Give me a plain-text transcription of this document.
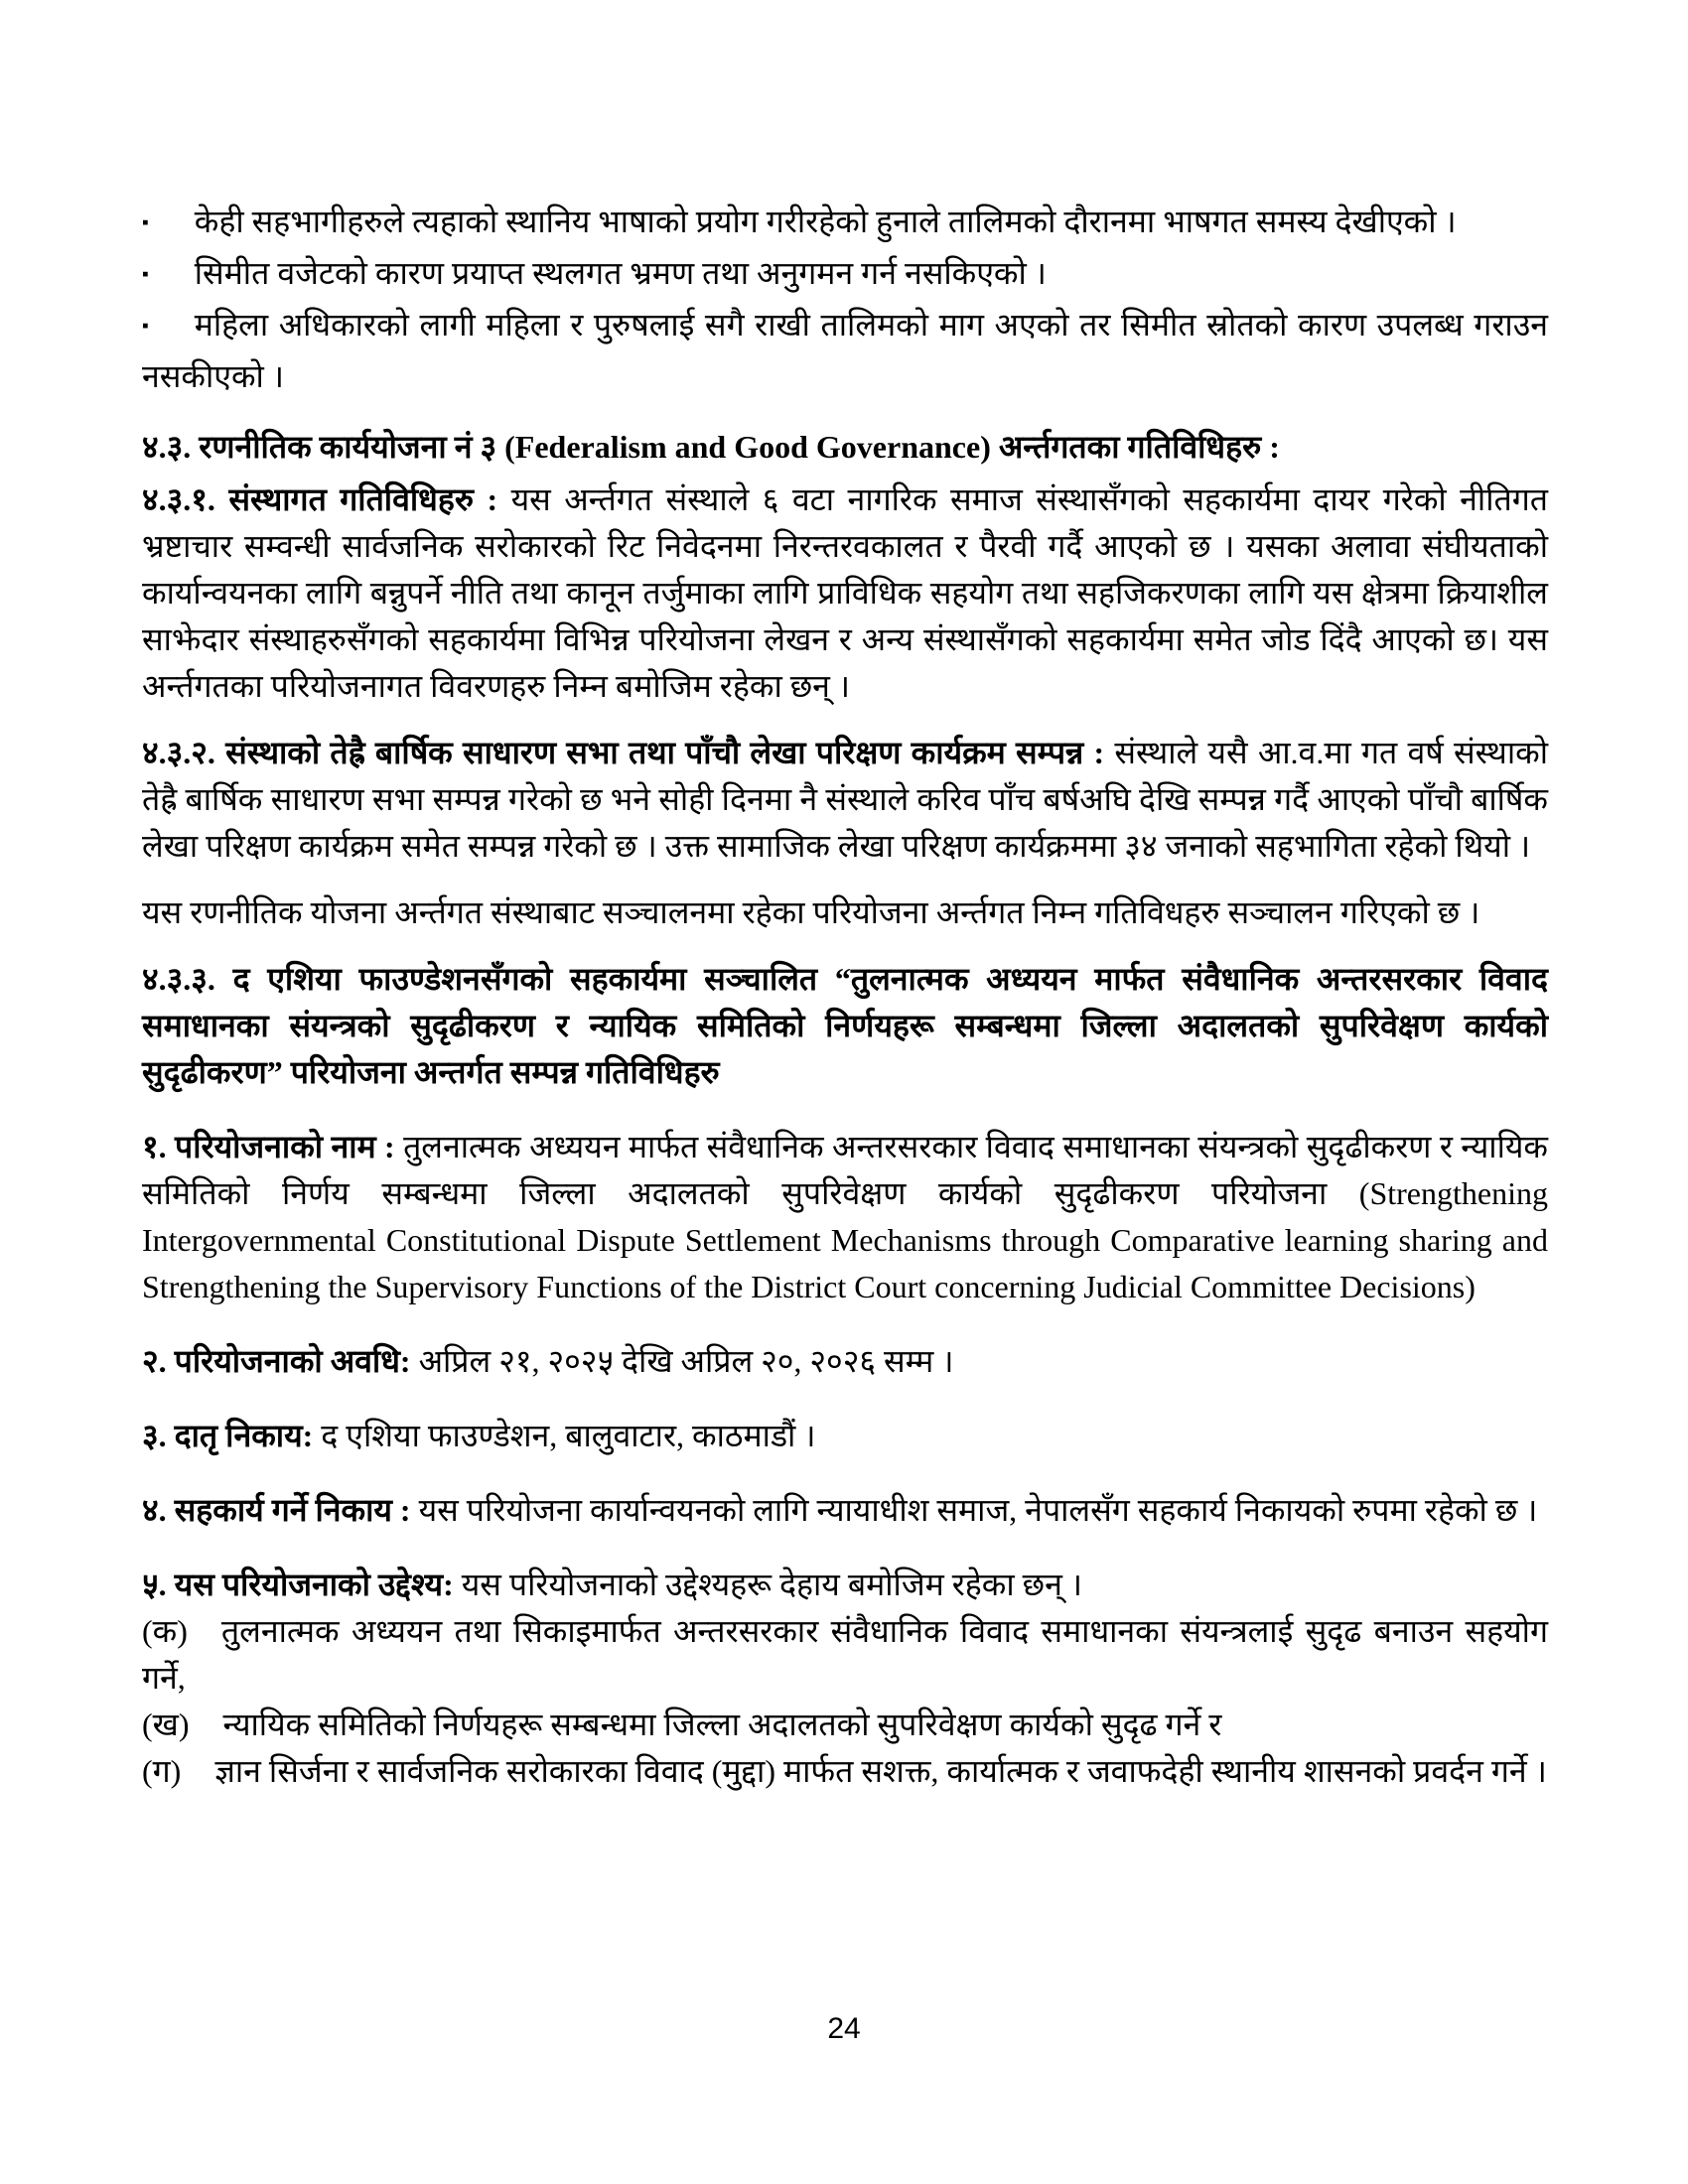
▪ केही सहभागीहरुले त्यहाको स्थानिय भाषाको प्रयोग गरीरहेको हुनाले तालिमको दौरानमा भाषगत समस्य देखीएको ।

▪ सिमीत वजेटको कारण प्रयाप्त स्थलगत भ्रमण तथा अनुगमन गर्न नसकिएको ।

▪ महिला अधिकारको लागी महिला र पुरुषलाई सगै राखी तालिमको माग अएको तर सिमीत स्रोतको कारण उपलब्ध गराउन नसकीएको ।

४.३. रणनीतिक कार्ययोजना नं ३ (Federalism and Good Governance) अर्न्तगतका गतिविधिहरु :

४.३.१. संस्थागत गतिविधिहरु : यस अर्न्तगत संस्थाले ६ वटा नागरिक समाज संस्थासँगको सहकार्यमा दायर गरेको नीतिगत भ्रष्टाचार सम्वन्धी सार्वजनिक सरोकारको रिट निवेदनमा निरन्तरवकालत र पैरवी गर्दै आएको छ । यसका अलावा संघीयताको कार्यान्वयनका लागि बन्नुपर्ने नीति तथा कानून तर्जुमाका लागि प्राविधिक सहयोग तथा सहजिकरणका लागि यस क्षेत्रमा क्रियाशील साझेदार संस्थाहरुसँगको सहकार्यमा विभिन्न परियोजना लेखन र अन्य संस्थासँगको सहकार्यमा समेत जोड दिंदै आएको छ। यस अर्न्तगतका परियोजनागत विवरणहरु निम्न बमोजिम रहेका छन् ।

४.३.२. संस्थाको तेह्रै बार्षिक साधारण सभा तथा पाँचौ लेखा परिक्षण कार्यक्रम सम्पन्न : संस्थाले यसै आ.व.मा गत वर्ष संस्थाको तेह्रै बार्षिक साधारण सभा सम्पन्न गरेको छ भने सोही दिनमा नै संस्थाले करिव पाँच बर्षअघि देखि सम्पन्न गर्दै आएको पाँचौ बार्षिक लेखा परिक्षण कार्यक्रम समेत सम्पन्न गरेको छ । उक्त सामाजिक लेखा परिक्षण कार्यक्रममा ३४ जनाको सहभागिता रहेको थियो ।

यस रणनीतिक योजना अर्न्तगत संस्थाबाट सञ्चालनमा रहेका परियोजना अर्न्तगत निम्न गतिविधहरु सञ्चालन गरिएको छ ।

४.३.३. द एशिया फाउण्डेशनसँगको सहकार्यमा सञ्चालित “तुलनात्मक अध्ययन मार्फत संवैधानिक अन्तरसरकार विवाद समाधानका संयन्त्रको सुदृढीकरण र न्यायिक समितिको निर्णयहरू सम्बन्धमा जिल्ला अदालतको सुपरिवेक्षण कार्यको सुदृढीकरण” परियोजना अन्तर्गत सम्पन्न गतिविधिहरु

१. परियोजनाको नाम : तुलनात्मक अध्ययन मार्फत संवैधानिक अन्तरसरकार विवाद समाधानका संयन्त्रको सुदृढीकरण र न्यायिक समितिको निर्णय सम्बन्धमा जिल्ला अदालतको सुपरिवेक्षण कार्यको सुदृढीकरण परियोजना (Strengthening Intergovernmental Constitutional Dispute Settlement Mechanisms through Comparative learning sharing and Strengthening the Supervisory Functions of the District Court concerning Judicial Committee Decisions)

२. परियोजनाको अवधि: अप्रिल २१, २०२५ देखि अप्रिल २०, २०२६ सम्म ।

३. दातृ निकाय: द एशिया फाउण्डेशन, बालुवाटार, काठमाडौं ।

४. सहकार्य गर्ने निकाय : यस परियोजना कार्यान्वयनको लागि न्यायाधीश समाज, नेपालसँग सहकार्य निकायको रुपमा रहेको छ ।

५. यस परियोजनाको उद्देश्य: यस परियोजनाको उद्देश्यहरू देहाय बमोजिम रहेका छन् ।

(क) तुलनात्मक अध्ययन तथा सिकाइमार्फत अन्तरसरकार संवैधानिक विवाद समाधानका संयन्त्रलाई सुदृढ बनाउन सहयोग गर्ने,

(ख) न्यायिक समितिको निर्णयहरू सम्बन्धमा जिल्ला अदालतको सुपरिवेक्षण कार्यको सुदृढ गर्ने र

(ग) ज्ञान सिर्जना र सार्वजनिक सरोकारका विवाद (मुद्दा) मार्फत सशक्त, कार्यात्मक र जवाफदेही स्थानीय शासनको प्रवर्दन गर्ने ।

24
